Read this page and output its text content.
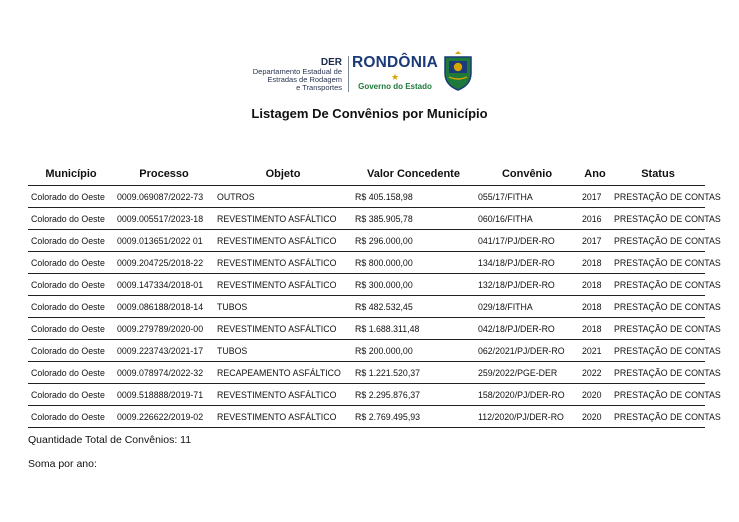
DER
Departamento Estadual de
Estradas de Rodagem
e Transportes
RONDÔNIA
★
Governo do Estado
Listagem De Convênios por Município
Município	Processo	Objeto	Valor Concedente	Convênio	Ano	Status
Colorado do Oeste	0009.069087/2022-73	OUTROS	R$ 405.158,98	055/17/FITHA	2017	PRESTAÇÃO DE CONTAS
Colorado do Oeste	0009.005517/2023-18	REVESTIMENTO ASFÁLTICO	R$ 385.905,78	060/16/FITHA	2016	PRESTAÇÃO DE CONTAS
Colorado do Oeste	0009.013651/2022 01	REVESTIMENTO ASFÁLTICO	R$ 296.000,00	041/17/PJ/DER-RO	2017	PRESTAÇÃO DE CONTAS
Colorado do Oeste	0009.204725/2018-22	REVESTIMENTO ASFÁLTICO	R$ 800.000,00	134/18/PJ/DER-RO	2018	PRESTAÇÃO DE CONTAS
Colorado do Oeste	0009.147334/2018-01	REVESTIMENTO ASFÁLTICO	R$ 300.000,00	132/18/PJ/DER-RO	2018	PRESTAÇÃO DE CONTAS
Colorado do Oeste	0009.086188/2018-14	TUBOS	R$ 482.532,45	029/18/FITHA	2018	PRESTAÇÃO DE CONTAS
Colorado do Oeste	0009.279789/2020-00	REVESTIMENTO ASFÁLTICO	R$ 1.688.311,48	042/18/PJ/DER-RO	2018	PRESTAÇÃO DE CONTAS
Colorado do Oeste	0009.223743/2021-17	TUBOS	R$ 200.000,00	062/2021/PJ/DER-RO	2021	PRESTAÇÃO DE CONTAS
Colorado do Oeste	0009.078974/2022-32	RECAPEAMENTO ASFÁLTICO	R$ 1.221.520,37	259/2022/PGE-DER	2022	PRESTAÇÃO DE CONTAS
Colorado do Oeste	0009.518888/2019-71	REVESTIMENTO ASFÁLTICO	R$ 2.295.876,37	158/2020/PJ/DER-RO	2020	PRESTAÇÃO DE CONTAS
Colorado do Oeste	0009.226622/2019-02	REVESTIMENTO ASFÁLTICO	R$ 2.769.495,93	112/2020/PJ/DER-RO	2020	PRESTAÇÃO DE CONTAS
Quantidade Total de Convênios: 11
Soma por ano:
